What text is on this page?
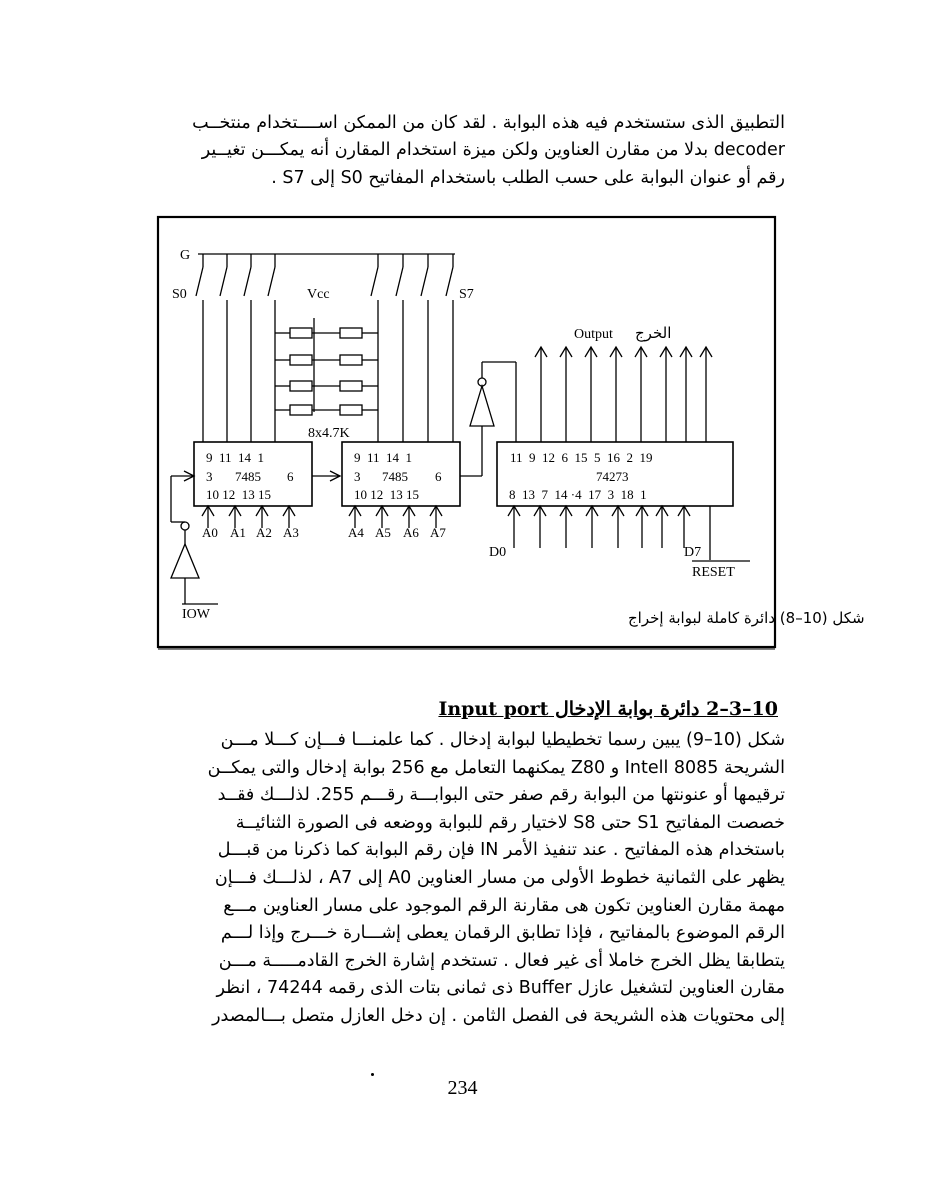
التطبيق الذى ستستخدم فيه هذه البوابة . لقد كان من الممكن اســــتخدام منتخــب
decoder بدلا من مقارن العناوين ولكن ميزة استخدام المقارن أنه يمكـــن تغيــير
رقم أو عنوان البوابة على حسب الطلب باستخدام المفاتيح S0 إلى S7 .
G
S0	S7
Vcc
8x4.7K
Output الخرج
9  11  14  1
3 7485 6
10 12  13 15
9  11  14  1
3 7485 6
10 12  13 15
11  9  12  6  15  5  16  2  19
74273
8  13  7  14 ·4  17  3  18  1
A0 A1 A2 A3	A4 A5 A6 A7
D0	D7
RESET
IOW	شكل (10–8) دائرة كاملة لبوابة إخراج
10–3–2 دائرة بوابة الإدخال Input port
شكل (10–9) يبين رسما تخطيطيا لبوابة إدخال . كما علمنـــا فـــإن كـــلا مـــن
الشريحة Intell 8085 و Z80 يمكنهما التعامل مع 256 بوابة إدخال والتى يمكــن
ترقيمها أو عنونتها من البوابة رقم صفر حتى البوابـــة رقـــم 255. لذلـــك فقــد
خصصت المفاتيح S1 حتى S8 لاختيار رقم للبوابة ووضعه فى الصورة الثنائيــة
باستخدام هذه المفاتيح . عند تنفيذ الأمر IN فإن رقم البوابة كما ذكرنا من قبـــل
يظهر على الثمانية خطوط الأولى من مسار العناوين A0 إلى A7 ، لذلـــك فـــإن
مهمة مقارن العناوين تكون هى مقارنة الرقم الموجود على مسار العناوين مـــع
الرقم الموضوع بالمفاتيح ، فإذا تطابق الرقمان يعطى إشـــارة خـــرج وإذا لـــم
يتطابقا يظل الخرج خاملا أى غير فعال . تستخدم إشارة الخرج القادمـــــة مـــن
مقارن العناوين لتشغيل عازل Buffer ذى ثمانى بتات الذى رقمه 74244 ، انظر
إلى محتويات هذه الشريحة فى الفصل الثامن . إن دخل العازل متصل بـــالمصدر
234
